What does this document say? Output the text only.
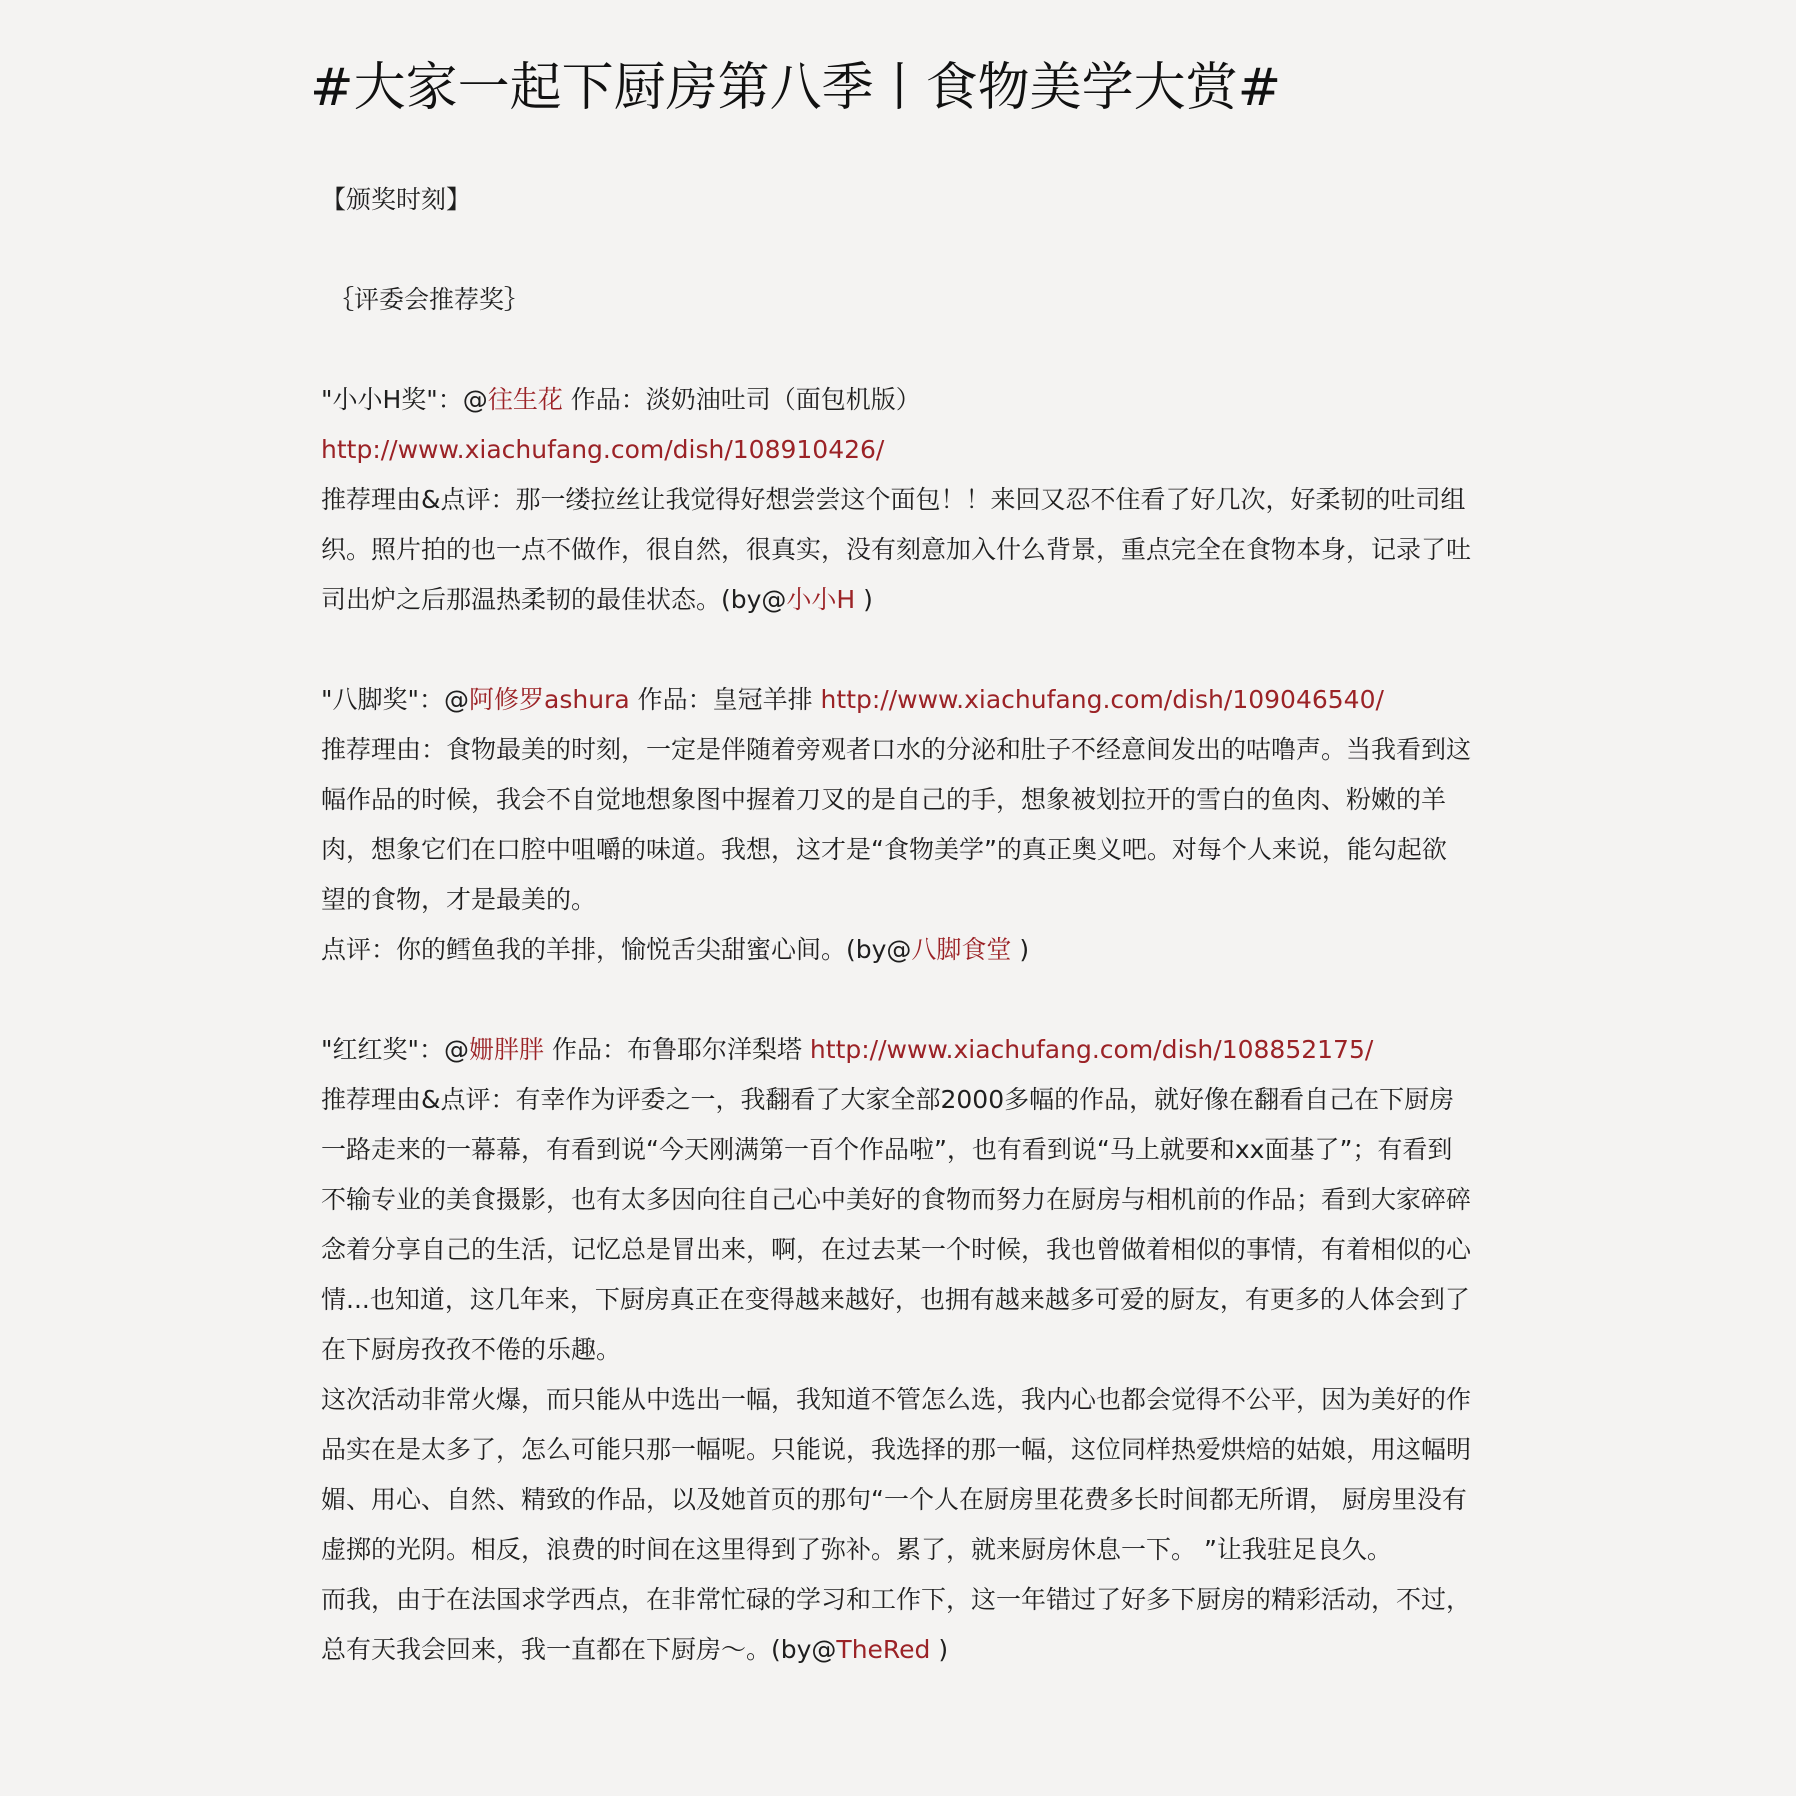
#大家一起下厨房第八季丨食物美学大赏#

【颁奖时刻】

｛评委会推荐奖｝

"小小H奖"：@往生花 作品：淡奶油吐司（面包机版）

http://www.xiachufang.com/dish/108910426/

推荐理由&点评：那一缕拉丝让我觉得好想尝尝这个面包！！来回又忍不住看了好几次，好柔韧的吐司组织。照片拍的也一点不做作，很自然，很真实，没有刻意加入什么背景，重点完全在食物本身，记录了吐司出炉之后那温热柔韧的最佳状态。(by@小小H )

"八脚奖"：@阿修罗ashura 作品：皇冠羊排 http://www.xiachufang.com/dish/109046540/

推荐理由：食物最美的时刻，一定是伴随着旁观者口水的分泌和肚子不经意间发出的咕噜声。当我看到这幅作品的时候，我会不自觉地想象图中握着刀叉的是自己的手，想象被划拉开的雪白的鱼肉、粉嫩的羊肉，想象它们在口腔中咀嚼的味道。我想，这才是“食物美学”的真正奥义吧。对每个人来说，能勾起欲望的食物，才是最美的。

点评：你的鳕鱼我的羊排，愉悦舌尖甜蜜心间。(by@八脚食堂 )

"红红奖"：@姗胖胖 作品：布鲁耶尔洋梨塔 http://www.xiachufang.com/dish/108852175/

推荐理由&点评：有幸作为评委之一，我翻看了大家全部2000多幅的作品，就好像在翻看自己在下厨房一路走来的一幕幕，有看到说“今天刚满第一百个作品啦”，也有看到说“马上就要和xx面基了”；有看到不输专业的美食摄影，也有太多因向往自己心中美好的食物而努力在厨房与相机前的作品；看到大家碎碎念着分享自己的生活，记忆总是冒出来，啊，在过去某一个时候，我也曾做着相似的事情，有着相似的心情...也知道，这几年来，下厨房真正在变得越来越好，也拥有越来越多可爱的厨友，有更多的人体会到了在下厨房孜孜不倦的乐趣。

这次活动非常火爆，而只能从中选出一幅，我知道不管怎么选，我内心也都会觉得不公平，因为美好的作品实在是太多了，怎么可能只那一幅呢。只能说，我选择的那一幅，这位同样热爱烘焙的姑娘，用这幅明媚、用心、自然、精致的作品，以及她首页的那句“一个人在厨房里花费多长时间都无所谓， 厨房里没有虚掷的光阴。相反，浪费的时间在这里得到了弥补。累了，就来厨房休息一下。 ”让我驻足良久。

而我，由于在法国求学西点，在非常忙碌的学习和工作下，这一年错过了好多下厨房的精彩活动，不过，总有天我会回来，我一直都在下厨房～。(by@TheRed )
